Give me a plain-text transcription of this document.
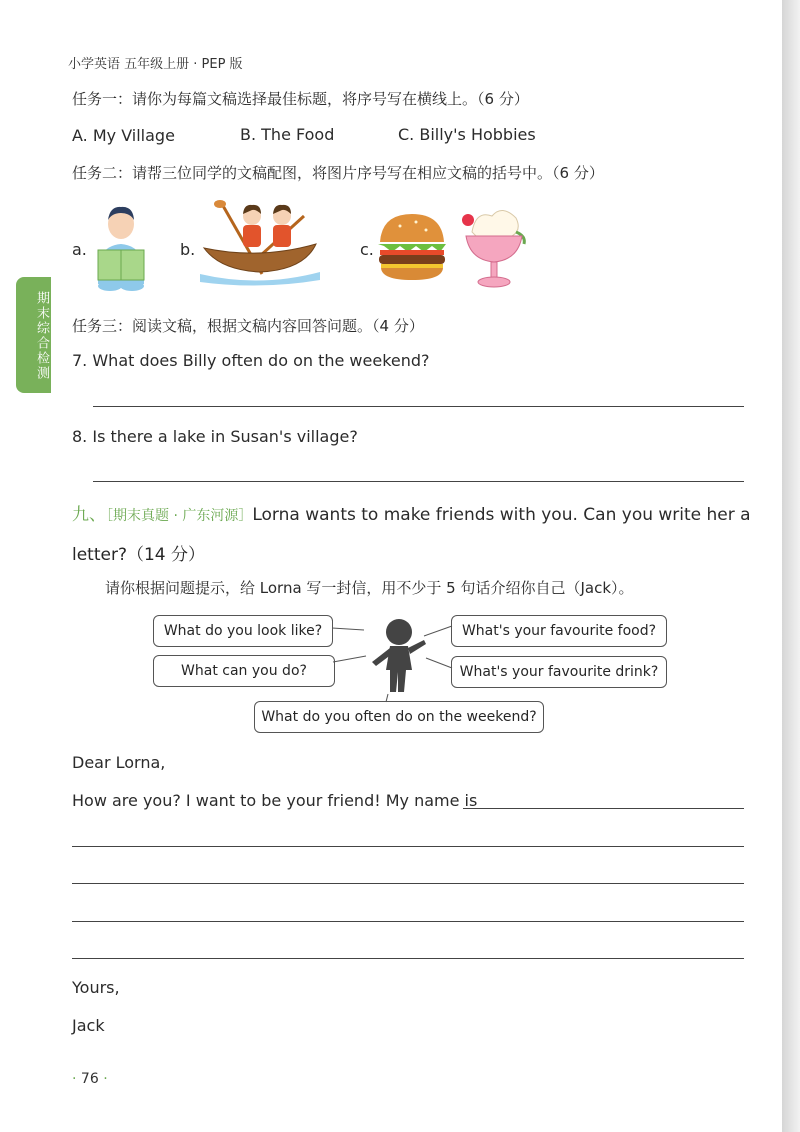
小学英语 五年级上册 · PEP 版
期末综合检测
任务一：请你为每篇文稿选择最佳标题，将序号写在横线上。（6 分）
A. My Village	B. The Food	C. Billy's Hobbies
任务二：请帮三位同学的文稿配图，将图片序号写在相应文稿的括号中。（6 分）
a.	b.	c.
任务三：阅读文稿，根据文稿内容回答问题。（4 分）
7. What does Billy often do on the weekend?
8. Is there a lake in Susan's village?
九、［期末真题 · 广东河源］Lorna wants to make friends with you. Can you write her a
letter?（14 分）
请你根据问题提示，给 Lorna 写一封信，用不少于 5 句话介绍你自己（Jack）。
What do you look like?
What can you do?
What's your favourite food?
What's your favourite drink?
What do you often do on the weekend?
Dear Lorna,
How are you? I want to be your friend! My name is
Yours,
Jack
· 76 ·
